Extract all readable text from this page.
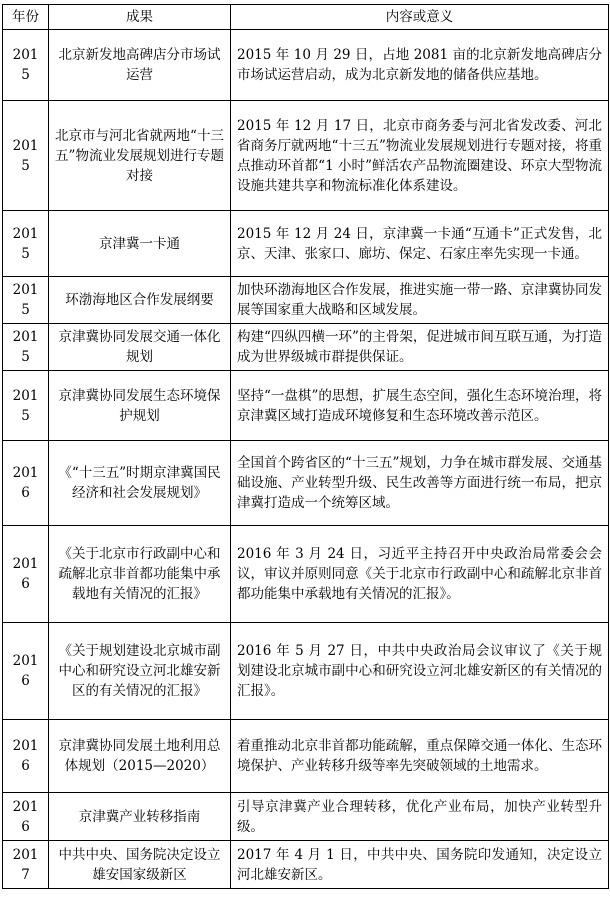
年份	成果	内容或意义
2015	北京新发地高碑店分市场试运营	2015 年 10 月 29 日，占地 2081 亩的北京新发地高碑店分市场试运营启动，成为北京新发地的储备供应基地。
2015	北京市与河北省就两地“十三五”物流业发展规划进行专题对接	2015 年 12 月 17 日，北京市商务委与河北省发改委、河北省商务厅就两地“十三五”物流业发展规划进行专题对接，将重点推动环首都“1 小时”鲜活农产品物流圈建设、环京大型物流设施共建共享和物流标准化体系建设。
2015	京津冀一卡通	2015 年 12 月 24 日，京津冀一卡通“互通卡”正式发售，北京、天津、张家口、廊坊、保定、石家庄率先实现一卡通。
2015	环渤海地区合作发展纲要	加快环渤海地区合作发展，推进实施一带一路、京津冀协同发展等国家重大战略和区域发展。
2015	京津冀协同发展交通一体化规划	构建“四纵四横一环”的主骨架，促进城市间互联互通，为打造成为世界级城市群提供保证。
2015	京津冀协同发展生态环境保护规划	坚持“一盘棋”的思想，扩展生态空间，强化生态环境治理，将京津冀区域打造成环境修复和生态环境改善示范区。
2016	《“十三五”时期京津冀国民经济和社会发展规划》	全国首个跨省区的“十三五”规划，力争在城市群发展、交通基础设施、产业转型升级、民生改善等方面进行统一布局，把京津冀打造成一个统筹区域。
2016	《关于北京市行政副中心和疏解北京非首都功能集中承载地有关情况的汇报》	2016 年 3 月 24 日，习近平主持召开中央政治局常委会会议，审议并原则同意《关于北京市行政副中心和疏解北京非首都功能集中承载地有关情况的汇报》。
2016	《关于规划建设北京城市副中心和研究设立河北雄安新区的有关情况的汇报》	2016 年 5 月 27 日，中共中央政治局会议审议了《关于规划建设北京城市副中心和研究设立河北雄安新区的有关情况的汇报》。
2016	京津冀协同发展土地利用总体规划（2015—2020）	着重推动北京非首都功能疏解，重点保障交通一体化、生态环境保护、产业转移升级等率先突破领域的土地需求。
2016	京津冀产业转移指南	引导京津冀产业合理转移，优化产业布局，加快产业转型升级。
2017	中共中央、国务院决定设立雄安国家级新区	2017 年 4 月 1 日，中共中央、国务院印发通知，决定设立河北雄安新区。
